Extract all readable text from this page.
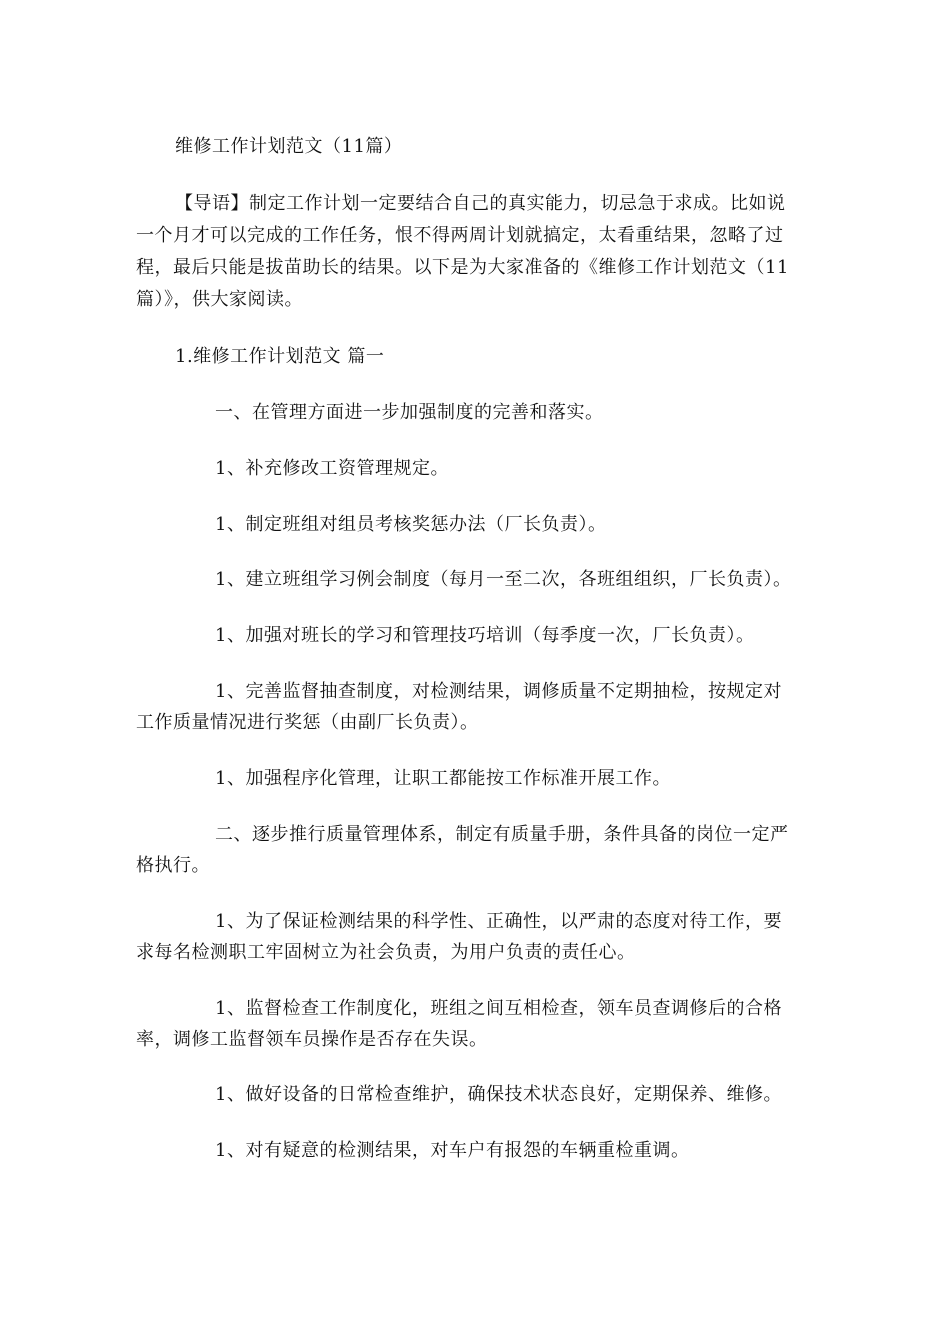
维修工作计划范文（11篇）
【导语】制定工作计划一定要结合自己的真实能力，切忌急于求成。比如说
一个月才可以完成的工作任务，恨不得两周计划就搞定，太看重结果，忽略了过
程，最后只能是拔苗助长的结果。以下是为大家准备的《维修工作计划范文（11
篇）》，供大家阅读。
1.维修工作计划范文 篇一
一、在管理方面进一步加强制度的完善和落实。
1、补充修改工资管理规定。
1、制定班组对组员考核奖惩办法（厂长负责）。
1、建立班组学习例会制度（每月一至二次，各班组组织，厂长负责）。
1、加强对班长的学习和管理技巧培训（每季度一次，厂长负责）。
1、完善监督抽查制度，对检测结果，调修质量不定期抽检，按规定对
工作质量情况进行奖惩（由副厂长负责）。
1、加强程序化管理，让职工都能按工作标准开展工作。
二、逐步推行质量管理体系，制定有质量手册，条件具备的岗位一定严
格执行。
1、为了保证检测结果的科学性、正确性，以严肃的态度对待工作，要
求每名检测职工牢固树立为社会负责，为用户负责的责任心。
1、监督检查工作制度化，班组之间互相检查，领车员查调修后的合格
率，调修工监督领车员操作是否存在失误。
1、做好设备的日常检查维护，确保技术状态良好，定期保养、维修。
1、对有疑意的检测结果，对车户有报怨的车辆重检重调。
